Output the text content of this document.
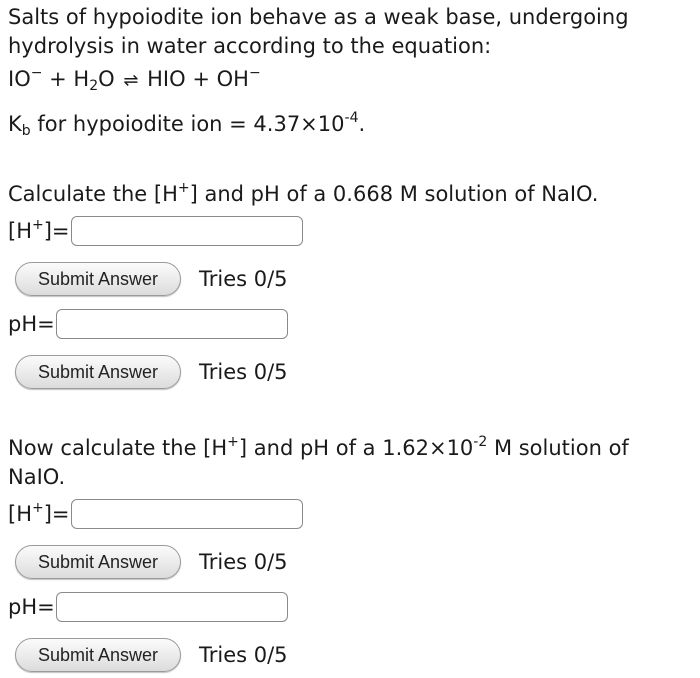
Salts of hypoiodite ion behave as a weak base, undergoing
hydrolysis in water according to the equation:
$IO^- + H_2O$ ⇌ HIO + OH−
$K_b$ for hypoiodite ion = $4.37\times 10^{-4}$.
Calculate the [H+] and pH of a 0.668 M solution of NaIO.
[H+]=
Submit Answer	Tries 0/5
pH=
Submit Answer	Tries 0/5
Now calculate the [H+] and pH of a $1.62\times 10^{-2}$ M solution of
NaIO.
[H+]=
Submit Answer	Tries 0/5
pH=
Submit Answer	Tries 0/5
